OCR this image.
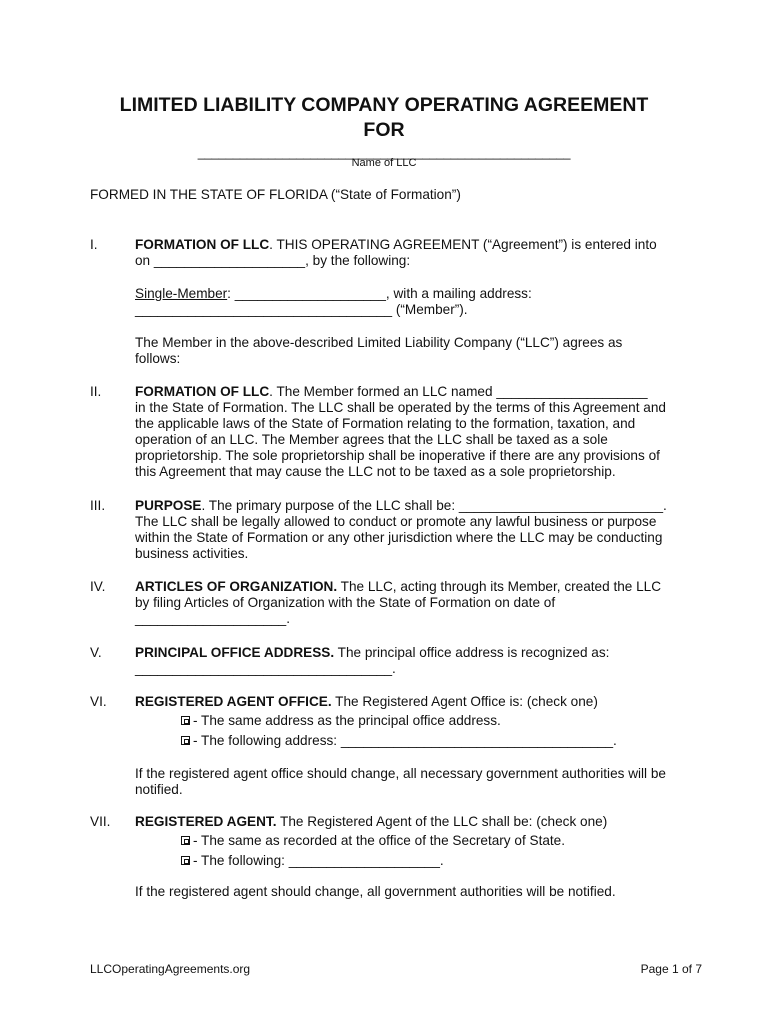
LIMITED LIABILITY COMPANY OPERATING AGREEMENT
FOR
_____________________________________________________
Name of LLC
FORMED IN THE STATE OF FLORIDA (“State of Formation”)
I.	FORMATION OF LLC. THIS OPERATING AGREEMENT (“Agreement”) is entered into
on ____________________, by the following:
Single-Member: ____________________, with a mailing address:
__________________________________ (“Member”).
The Member in the above-described Limited Liability Company (“LLC”) agrees as
follows:
II. FORMATION OF LLC. The Member formed an LLC named ____________________
in the State of Formation. The LLC shall be operated by the terms of this Agreement and
the applicable laws of the State of Formation relating to the formation, taxation, and
operation of an LLC. The Member agrees that the LLC shall be taxed as a sole
proprietorship. The sole proprietorship shall be inoperative if there are any provisions of
this Agreement that may cause the LLC not to be taxed as a sole proprietorship.
III. PURPOSE. The primary purpose of the LLC shall be: ___________________________.
The LLC shall be legally allowed to conduct or promote any lawful business or purpose
within the State of Formation or any other jurisdiction where the LLC may be conducting
business activities.
IV. ARTICLES OF ORGANIZATION. The LLC, acting through its Member, created the LLC
by filing Articles of Organization with the State of Formation on date of
____________________.
V. PRINCIPAL OFFICE ADDRESS. The principal office address is recognized as:
__________________________________.
VI. REGISTERED AGENT OFFICE. The Registered Agent Office is: (check one)
- The same address as the principal office address.
- The following address: ____________________________________.
If the registered agent office should change, all necessary government authorities will be
notified.
VII. REGISTERED AGENT. The Registered Agent of the LLC shall be: (check one)
- The same as recorded at the office of the Secretary of State.
- The following: ____________________.
If the registered agent should change, all government authorities will be notified.
LLCOperatingAgreements.org	Page 1 of 7
